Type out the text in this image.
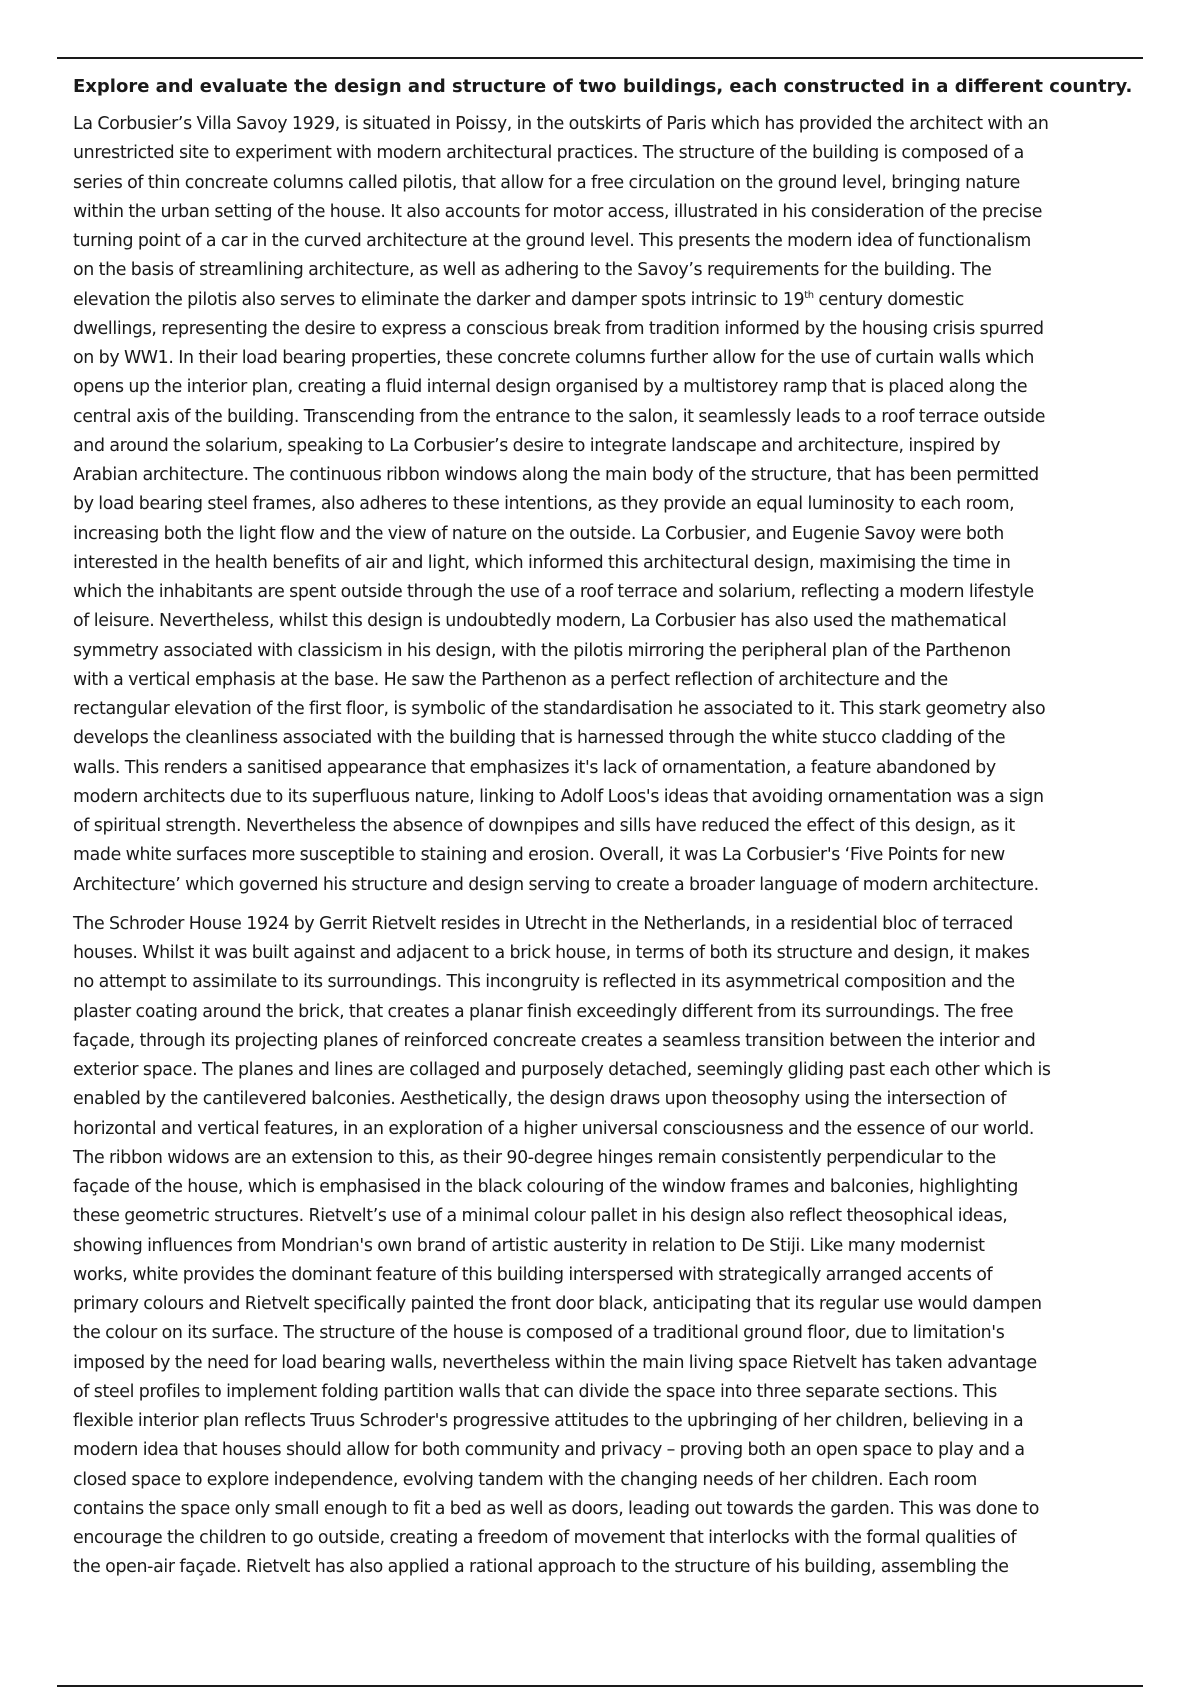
Explore and evaluate the design and structure of two buildings, each constructed in a different country.

La Corbusier’s Villa Savoy 1929, is situated in Poissy, in the outskirts of Paris which has provided the architect with an
unrestricted site to experiment with modern architectural practices. The structure of the building is composed of a
series of thin concreate columns called pilotis, that allow for a free circulation on the ground level, bringing nature
within the urban setting of the house. It also accounts for motor access, illustrated in his consideration of the precise
turning point of a car in the curved architecture at the ground level. This presents the modern idea of functionalism
on the basis of streamlining architecture, as well as adhering to the Savoy’s requirements for the building. The
elevation the pilotis also serves to eliminate the darker and damper spots intrinsic to 19th century domestic
dwellings, representing the desire to express a conscious break from tradition informed by the housing crisis spurred
on by WW1. In their load bearing properties, these concrete columns further allow for the use of curtain walls which
opens up the interior plan, creating a fluid internal design organised by a multistorey ramp that is placed along the
central axis of the building. Transcending from the entrance to the salon, it seamlessly leads to a roof terrace outside
and around the solarium, speaking to La Corbusier’s desire to integrate landscape and architecture, inspired by
Arabian architecture. The continuous ribbon windows along the main body of the structure, that has been permitted
by load bearing steel frames, also adheres to these intentions, as they provide an equal luminosity to each room,
increasing both the light flow and the view of nature on the outside. La Corbusier, and Eugenie Savoy were both
interested in the health benefits of air and light, which informed this architectural design, maximising the time in
which the inhabitants are spent outside through the use of a roof terrace and solarium, reflecting a modern lifestyle
of leisure. Nevertheless, whilst this design is undoubtedly modern, La Corbusier has also used the mathematical
symmetry associated with classicism in his design, with the pilotis mirroring the peripheral plan of the Parthenon
with a vertical emphasis at the base. He saw the Parthenon as a perfect reflection of architecture and the
rectangular elevation of the first floor, is symbolic of the standardisation he associated to it. This stark geometry also
develops the cleanliness associated with the building that is harnessed through the white stucco cladding of the
walls. This renders a sanitised appearance that emphasizes it's lack of ornamentation, a feature abandoned by
modern architects due to its superfluous nature, linking to Adolf Loos's ideas that avoiding ornamentation was a sign
of spiritual strength. Nevertheless the absence of downpipes and sills have reduced the effect of this design, as it
made white surfaces more susceptible to staining and erosion. Overall, it was La Corbusier's ‘Five Points for new
Architecture’ which governed his structure and design serving to create a broader language of modern architecture.

The Schroder House 1924 by Gerrit Rietvelt resides in Utrecht in the Netherlands, in a residential bloc of terraced
houses. Whilst it was built against and adjacent to a brick house, in terms of both its structure and design, it makes
no attempt to assimilate to its surroundings. This incongruity is reflected in its asymmetrical composition and the
plaster coating around the brick, that creates a planar finish exceedingly different from its surroundings. The free
façade, through its projecting planes of reinforced concreate creates a seamless transition between the interior and
exterior space. The planes and lines are collaged and purposely detached, seemingly gliding past each other which is
enabled by the cantilevered balconies. Aesthetically, the design draws upon theosophy using the intersection of
horizontal and vertical features, in an exploration of a higher universal consciousness and the essence of our world.
The ribbon widows are an extension to this, as their 90-degree hinges remain consistently perpendicular to the
façade of the house, which is emphasised in the black colouring of the window frames and balconies, highlighting
these geometric structures. Rietvelt’s use of a minimal colour pallet in his design also reflect theosophical ideas,
showing influences from Mondrian's own brand of artistic austerity in relation to De Stiji. Like many modernist
works, white provides the dominant feature of this building interspersed with strategically arranged accents of
primary colours and Rietvelt specifically painted the front door black, anticipating that its regular use would dampen
the colour on its surface. The structure of the house is composed of a traditional ground floor, due to limitation's
imposed by the need for load bearing walls, nevertheless within the main living space Rietvelt has taken advantage
of steel profiles to implement folding partition walls that can divide the space into three separate sections. This
flexible interior plan reflects Truus Schroder's progressive attitudes to the upbringing of her children, believing in a
modern idea that houses should allow for both community and privacy – proving both an open space to play and a
closed space to explore independence, evolving tandem with the changing needs of her children. Each room
contains the space only small enough to fit a bed as well as doors, leading out towards the garden. This was done to
encourage the children to go outside, creating a freedom of movement that interlocks with the formal qualities of
the open-air façade. Rietvelt has also applied a rational approach to the structure of his building, assembling the
